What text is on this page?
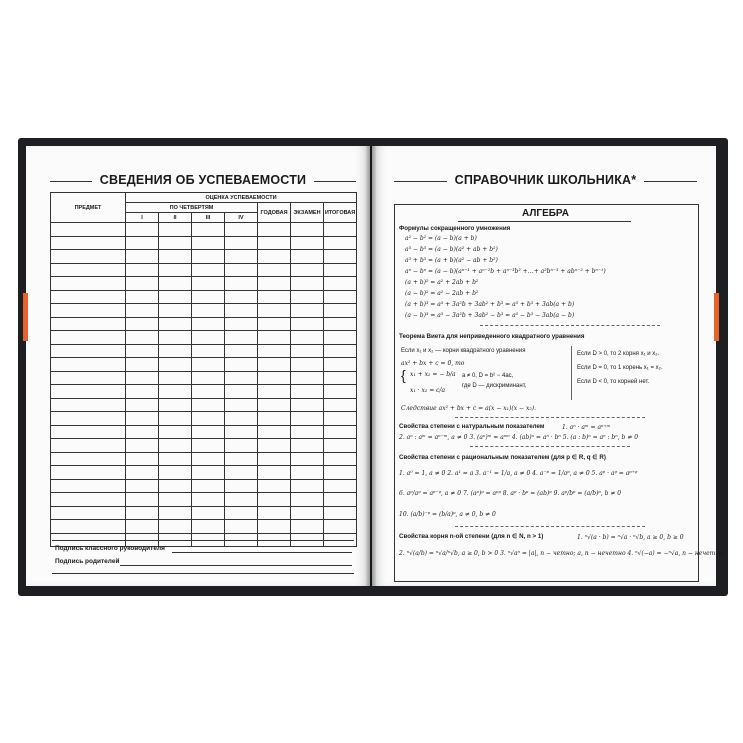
СВЕДЕНИЯ ОБ УСПЕВАЕМОСТИ
ПРЕДМЕТ	ОЦЕНКА УСПЕВАЕМОСТИ						
	ПО ЧЕТВЕРТЯМ				ГОДОВАЯ	ЭКЗАМЕН	ИТОГОВАЯ
	I	II	III	IV			

Подпись классного руководителя
Подпись родителей
СПРАВОЧНИК ШКОЛЬНИКА*
АЛГЕБРА
Формулы сокращенного умножения
a² − b² = (a − b)(a + b)
a³ − b³ = (a − b)(a² + ab + b²)
a³ + b³ = (a + b)(a² − ab + b²)
aⁿ − bⁿ = (a − b)(aⁿ⁻¹ + aⁿ⁻²b + aⁿ⁻³b² +…+ a²bⁿ⁻³ + abⁿ⁻² + bⁿ⁻¹)
(a + b)² = a² + 2ab + b²
(a − b)² = a² − 2ab + b²
(a + b)³ = a³ + 3a²b + 3ab² + b³ = a³ + b³ + 3ab(a + b)
(a − b)³ = a³ − 3a²b + 3ab² − b³ = a³ − b³ − 3ab(a − b)
Теорема Виета для неприведенного квадратного уравнения
Если x₁ и x₂ — корни квадратного уравнения
ax² + bx + c = 0, то
{ x₁ + x₂ = − b/a
x₁ · x₂ = c/a
a ≠ 0, D = b² − 4ac,
где D — дискриминант,
Следствие ax² + bx + c = a(x − x₁)(x − x₂).
Если D > 0, то 2 корня x₁ и x₂.
Если D = 0, то 1 корень x₁ = x₂.
Если D < 0, то корней нет.
Свойства степени с натуральным показателем	1. aⁿ · aᵐ = aⁿ⁺ᵐ
2. aⁿ : aᵐ = aⁿ⁻ᵐ, a ≠ 0 3. (aⁿ)ᵐ = aⁿᵐ 4. (ab)ⁿ = aⁿ · bⁿ 5. (a : b)ⁿ = aⁿ : bⁿ, b ≠ 0
Свойства степени с рациональным показателем (для p ∈ R, q ∈ R)
1. a⁰ = 1, a ≠ 0 2. a¹ = a 3. a⁻¹ = 1/a, a ≠ 0 4. a⁻ᵖ = 1/aᵖ, a ≠ 0 5. aᵖ · aᵍ = aᵖ⁺ᵍ
6. aᵖ/aᵍ = aᵖ⁻ᵍ, a ≠ 0 7. (aᵖ)ᵍ = aᵖᵍ 8. aᵖ · bᵖ = (ab)ᵖ 9. aᵖ/bᵖ = (a/b)ᵖ, b ≠ 0
10. (a/b)⁻ᵖ = (b/a)ᵖ, a ≠ 0, b ≠ 0
Свойства корня n-ой степени (для n ∈ N, n > 1)	1. ⁿ√(a · b) = ⁿ√a · ⁿ√b, a ≥ 0, b ≥ 0
2. ⁿ√(a/b) = ⁿ√a/ⁿ√b, a ≥ 0, b > 0 3. ⁿ√aⁿ = |a|, n − четно; a, n − нечетно 4. ⁿ√(−a) = −ⁿ√a, n − нечетно
